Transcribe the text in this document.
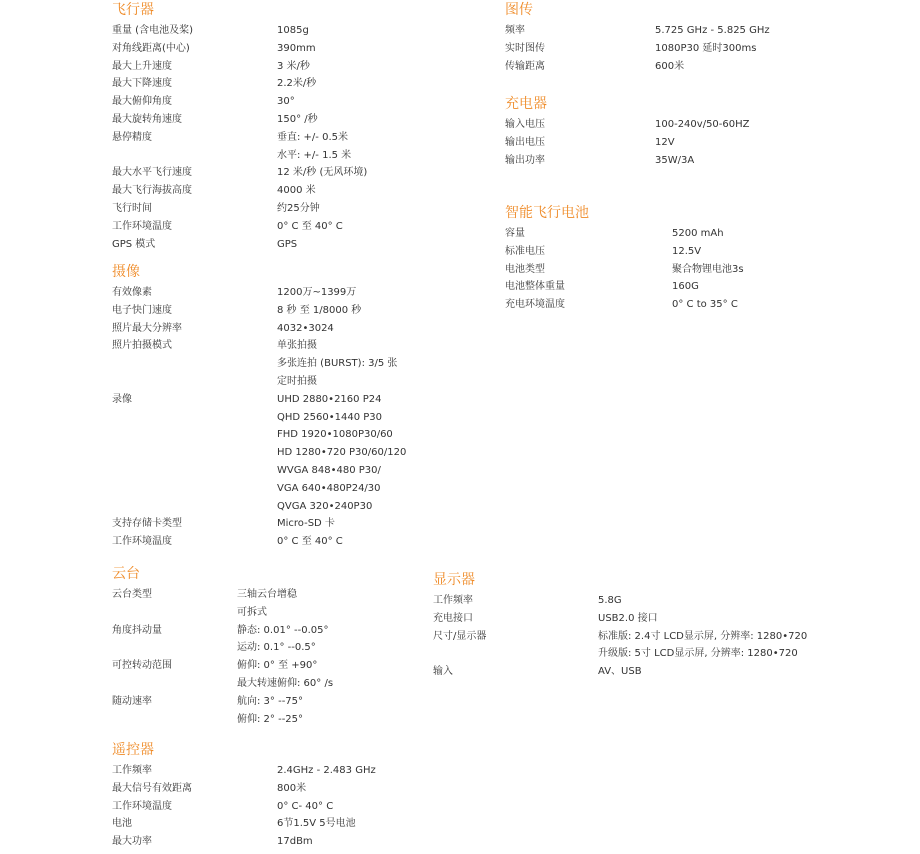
飞行器
重量 (含电池及桨)	1085g
对角线距离(中心)	390mm
最大上升速度	3 米/秒
最大下降速度	2.2米/秒
最大俯仰角度	30°
最大旋转角速度	150° /秒
悬停精度	垂直: +/- 0.5米
水平: +/- 1.5 米
最大水平飞行速度	12 米/秒 (无风环境)
最大飞行海拔高度	4000 米
飞行时间	约25分钟
工作环境温度	0° C 至 40° C
GPS 模式	GPS
摄像
有效像素	1200万~1399万
电子快门速度	8 秒 至 1/8000 秒
照片最大分辨率	4032•3024
照片拍摄模式	单张拍摄
多张连拍 (BURST): 3/5 张
定时拍摄
录像	UHD 2880•2160 P24
QHD 2560•1440 P30
FHD 1920•1080P30/60
HD 1280•720 P30/60/120
WVGA 848•480 P30/
VGA 640•480P24/30
QVGA 320•240P30
支持存储卡类型	Micro-SD 卡
工作环境温度	0° C 至 40° C
云台
云台类型	三轴云台增稳
可拆式
角度抖动量	静态: 0.01° --0.05°
运动: 0.1° --0.5°
可控转动范围	俯仰: 0° 至 +90°
最大转速俯仰: 60° /s
随动速率	航向: 3° --75°
俯仰: 2° --25°
遥控器
工作频率	2.4GHz - 2.483 GHz
最大信号有效距离	800米
工作环境温度	0° C- 40° C
电池	6节1.5V 5号电池
最大功率	17dBm
图传
频率	5.725 GHz - 5.825 GHz
实时图传	1080P30 延时300ms
传输距离	600米
充电器
输入电压	100-240v/50-60HZ
输出电压	12V
输出功率	35W/3A
智能飞行电池
容量	5200 mAh
标准电压	12.5V
电池类型	聚合物锂电池3s
电池整体重量	160G
充电环境温度	0° C to 35° C
显示器
工作频率	5.8G
充电接口	USB2.0 接口
尺寸/显示器	标准版: 2.4寸 LCD显示屏, 分辨率: 1280•720
升级版: 5寸 LCD显示屏, 分辨率: 1280•720
输入	AV、USB
